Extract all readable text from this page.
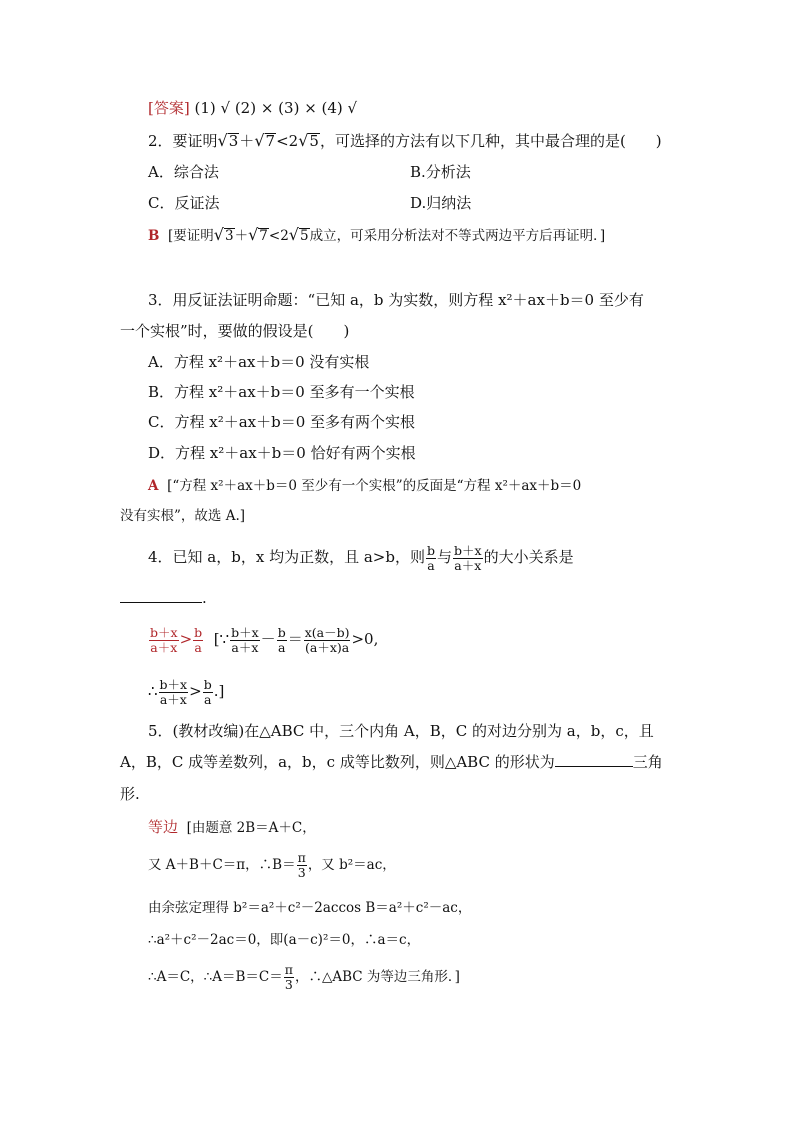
[答案] (1) √ (2) × (3) × (4) √
2．要证明√3＋√7<2√5，可选择的方法有以下几种，其中最合理的是(　　)
A．综合法	B.分析法
C．反证法	D.归纳法
B [要证明√3＋√7<2√5成立，可采用分析法对不等式两边平方后再证明．]
3．用反证法证明命题：“已知 a，b 为实数，则方程 x²＋ax＋b＝0 至少有
一个实根”时，要做的假设是(　　)
A．方程 x²＋ax＋b＝0 没有实根
B．方程 x²＋ax＋b＝0 至多有一个实根
C．方程 x²＋ax＋b＝0 至多有两个实根
D．方程 x²＋ax＋b＝0 恰好有两个实根
A [“方程 x²＋ax＋b＝0 至少有一个实根”的反面是“方程 x²＋ax＋b＝0
没有实根”，故选 A.]
4．已知 a，b，x 均为正数，且 a>b，则 $\frac{b}{a}$ 与 $\frac{b+x}{a+x}$ 的大小关系是
.
$\frac{b+x}{a+x} > \frac{b}{a}$ [∵ $\frac{b+x}{a+x} - \frac{b}{a} = \frac{x(a-b)}{(a+x)a} >0$,
∴ $\frac{b+x}{a+x} > \frac{b}{a}$ .]
5．(教材改编)在△ABC 中，三个内角 A，B，C 的对边分别为 a，b，c，且
A，B，C 成等差数列，a，b，c 成等比数列，则△ABC 的形状为	三角
形.
等边 [由题意 2B＝A＋C，
又 A＋B＋C＝π，∴B＝ $\frac{\pi}{3}$ ，又 b²＝ac，
由余弦定理得 b²＝a²＋c²－2accos B＝a²＋c²－ac，
∴a²＋c²－2ac＝0，即(a－c)²＝0，∴a＝c，
∴A＝C，∴A＝B＝C＝ $\frac{\pi}{3}$ ，∴△ABC 为等边三角形．]
